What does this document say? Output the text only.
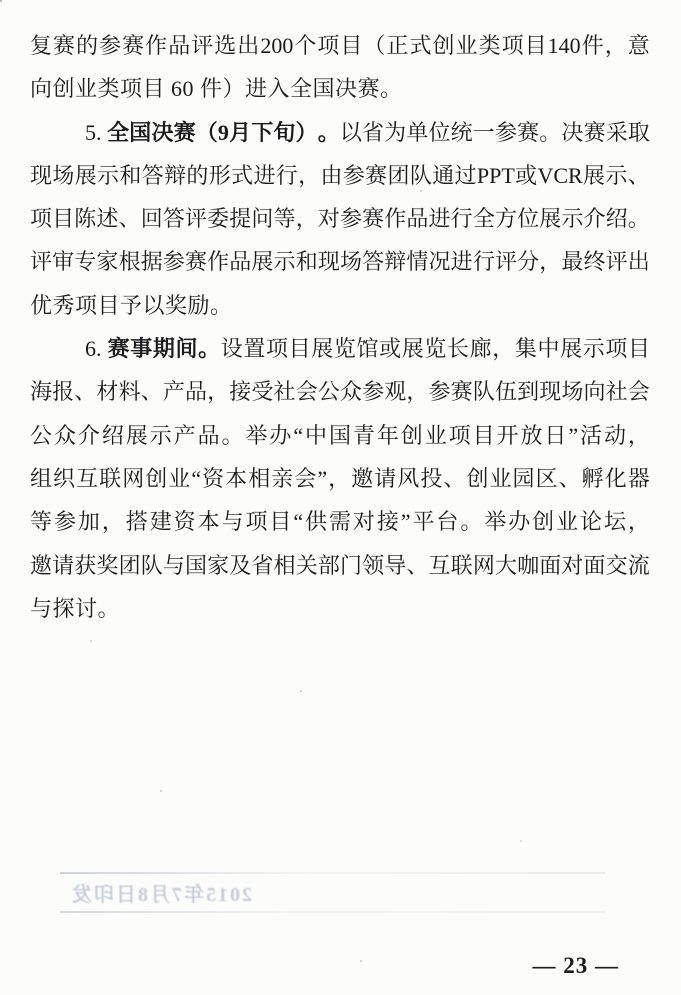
复 赛 的 参 赛 作 品 评 选 出 200 个 项 目 （ 正 式 创 业 类 项 目 140 件 ， 意
向创业类项目 60 件）进入全国决赛。
5. 全 国 决 赛 （ 9 月 下 旬 ） 。 以 省 为 单 位 统 一 参 赛 。 决 赛 采 取
现 场 展 示 和 答 辩 的 形 式 进 行 ， 由 参 赛 团 队 通 过 PPT 或 VCR 展 示 、
项 目 陈 述 、 回 答 评 委 提 问 等 ， 对 参 赛 作 品 进 行 全 方 位 展 示 介 绍 。
评 审 专 家 根 据 参 赛 作 品 展 示 和 现 场 答 辩 情 况 进 行 评 分 ， 最 终 评 出
优秀项目予以奖励。
6. 赛 事 期 间 。 设 置 项 目 展 览 馆 或 展 览 长 廊 ， 集 中 展 示 项 目
海 报 、 材 料 、 产 品 ， 接 受 社 会 公 众 参 观 ， 参 赛 队 伍 到 现 场 向 社 会
公 众 介 绍 展 示 产 品 。 举 办 “ 中 国 青 年 创 业 项 目 开 放 日 ” 活 动 ，
组 织 互 联 网 创 业 “ 资 本 相 亲 会 ” ， 邀 请 风 投 、 创 业 园 区 、 孵 化 器
等 参 加 ， 搭 建 资 本 与 项 目 “ 供 需 对 接 ” 平 台 。 举 办 创 业 论 坛 ，
邀 请 获 奖 团 队 与 国 家 及 省 相 关 部 门 领 导 、 互 联 网 大 咖 面 对 面 交 流
与探讨。
2015年7月8日印发
— 23 —
